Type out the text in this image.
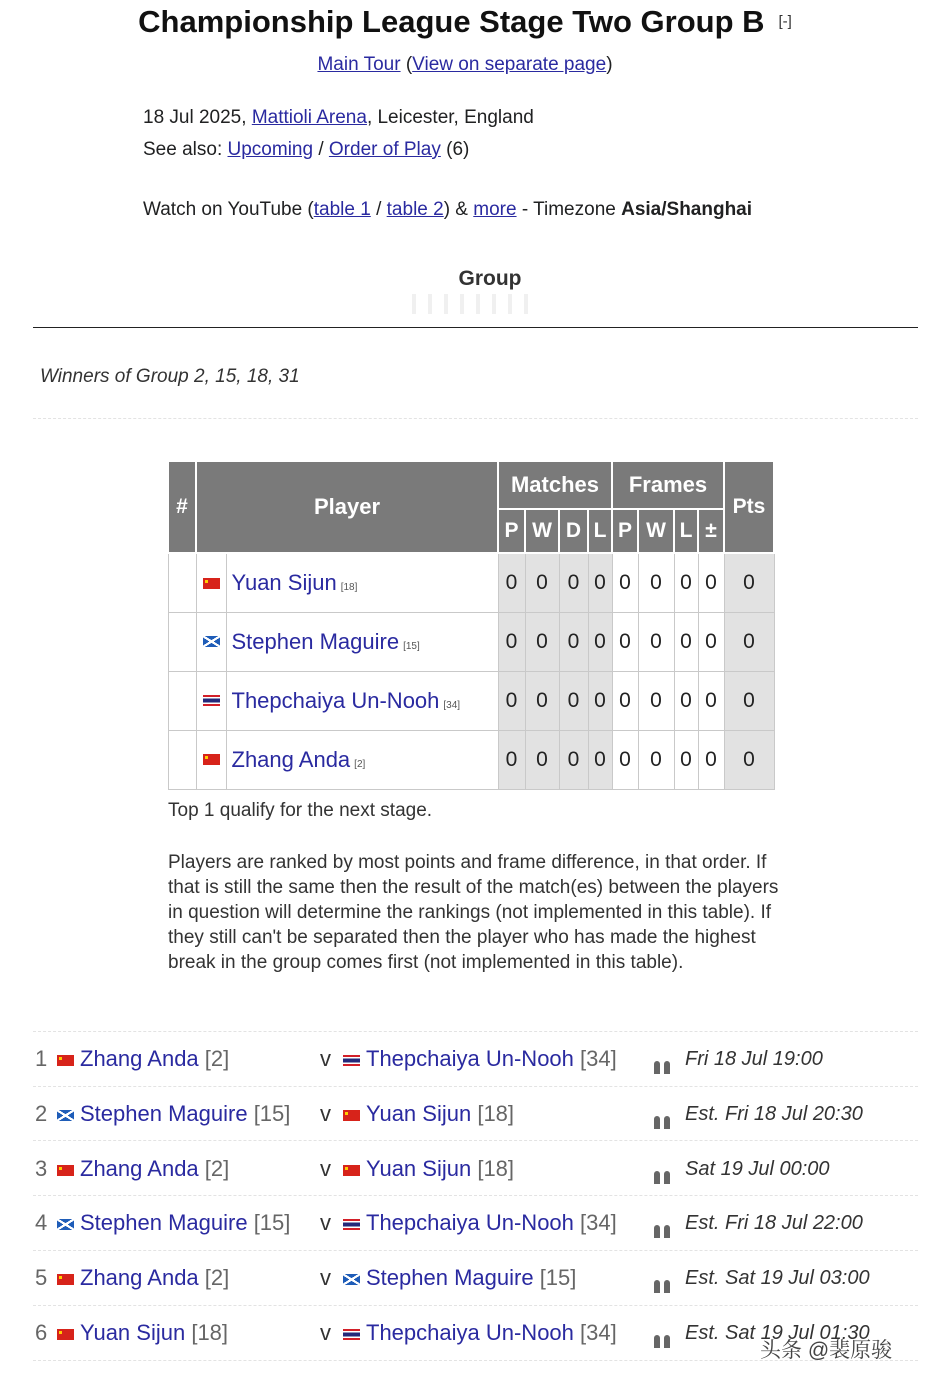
Championship League Stage Two Group B [-]
Main Tour (View on separate page)
18 Jul 2025, Mattioli Arena, Leicester, England
See also: Upcoming / Order of Play (6)
Watch on YouTube (table 1 / table 2) & more - Timezone Asia/Shanghai
Group
Winners of Group 2, 15, 18, 31
#	Player		Matches				Frames				Pts
			P	W	D	L	P	W	L	±	
		Yuan Sijun [18]	0	0	0	0	0	0	0	0	0
		Stephen Maguire [15]	0	0	0	0	0	0	0	0	0
		Thepchaiya Un-Nooh [34]	0	0	0	0	0	0	0	0	0
		Zhang Anda [2]	0	0	0	0	0	0	0	0	0
Top 1 qualify for the next stage.
Players are ranked by most points and frame difference, in that order. If that is still the same then the result of the match(es) between the players in question will determine the rankings (not implemented in this table). If they still can't be separated then the player who has made the highest break in the group comes first (not implemented in this table).
1	Zhang Anda [2]	v	Thepchaiya Un-Nooh [34]	Fri 18 Jul 19:00
2	Stephen Maguire [15] v	Yuan Sijun [18]	Est. Fri 18 Jul 20:30
3	Zhang Anda [2]	v	Yuan Sijun [18]	Sat 19 Jul 00:00
4	Stephen Maguire [15] v	Thepchaiya Un-Nooh [34]	Est. Fri 18 Jul 22:00
5	Zhang Anda [2]	v	Stephen Maguire [15]	Est. Sat 19 Jul 03:00
6	Yuan Sijun [18]	v	Thepchaiya Un-Nooh [34]	Est. Sat 19 Jul 01:30
头条 @裴原骏
